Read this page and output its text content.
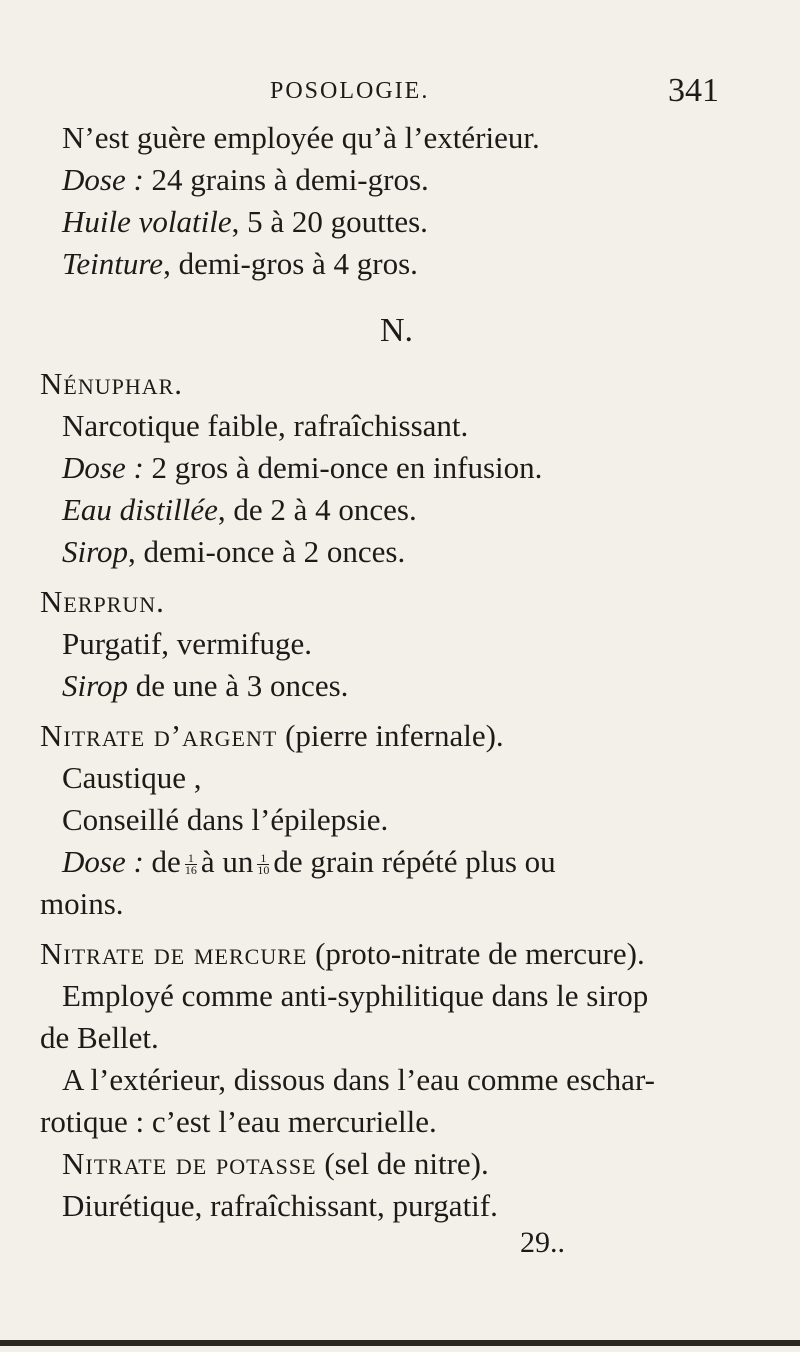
POSOLOGIE.	341
N’est guère employée qu’à l’extérieur.
Dose : 24 grains à demi-gros.
Huile volatile, 5 à 20 gouttes.
Teinture, demi-gros à 4 gros.
N.
Nénuphar.
Narcotique faible, rafraîchissant.
Dose : 2 gros à demi-once en infusion.
Eau distillée, de 2 à 4 onces.
Sirop, demi-once à 2 onces.
Nerprun.
Purgatif, vermifuge.
Sirop de une à 3 onces.
Nitrate d’argent (pierre infernale).
Caustique ,
Conseillé dans l’épilepsie.
Dose : de $\frac{1}{16}$ à un $\frac{1}{10}$ de grain répété plus ou
moins.
Nitrate de mercure (proto-nitrate de mercure).
Employé comme anti-syphilitique dans le sirop
de Bellet.
A l’extérieur, dissous dans l’eau comme eschar-
rotique : c’est l’eau mercurielle.
Nitrate de potasse (sel de nitre).
Diurétique, rafraîchissant, purgatif.
29..
